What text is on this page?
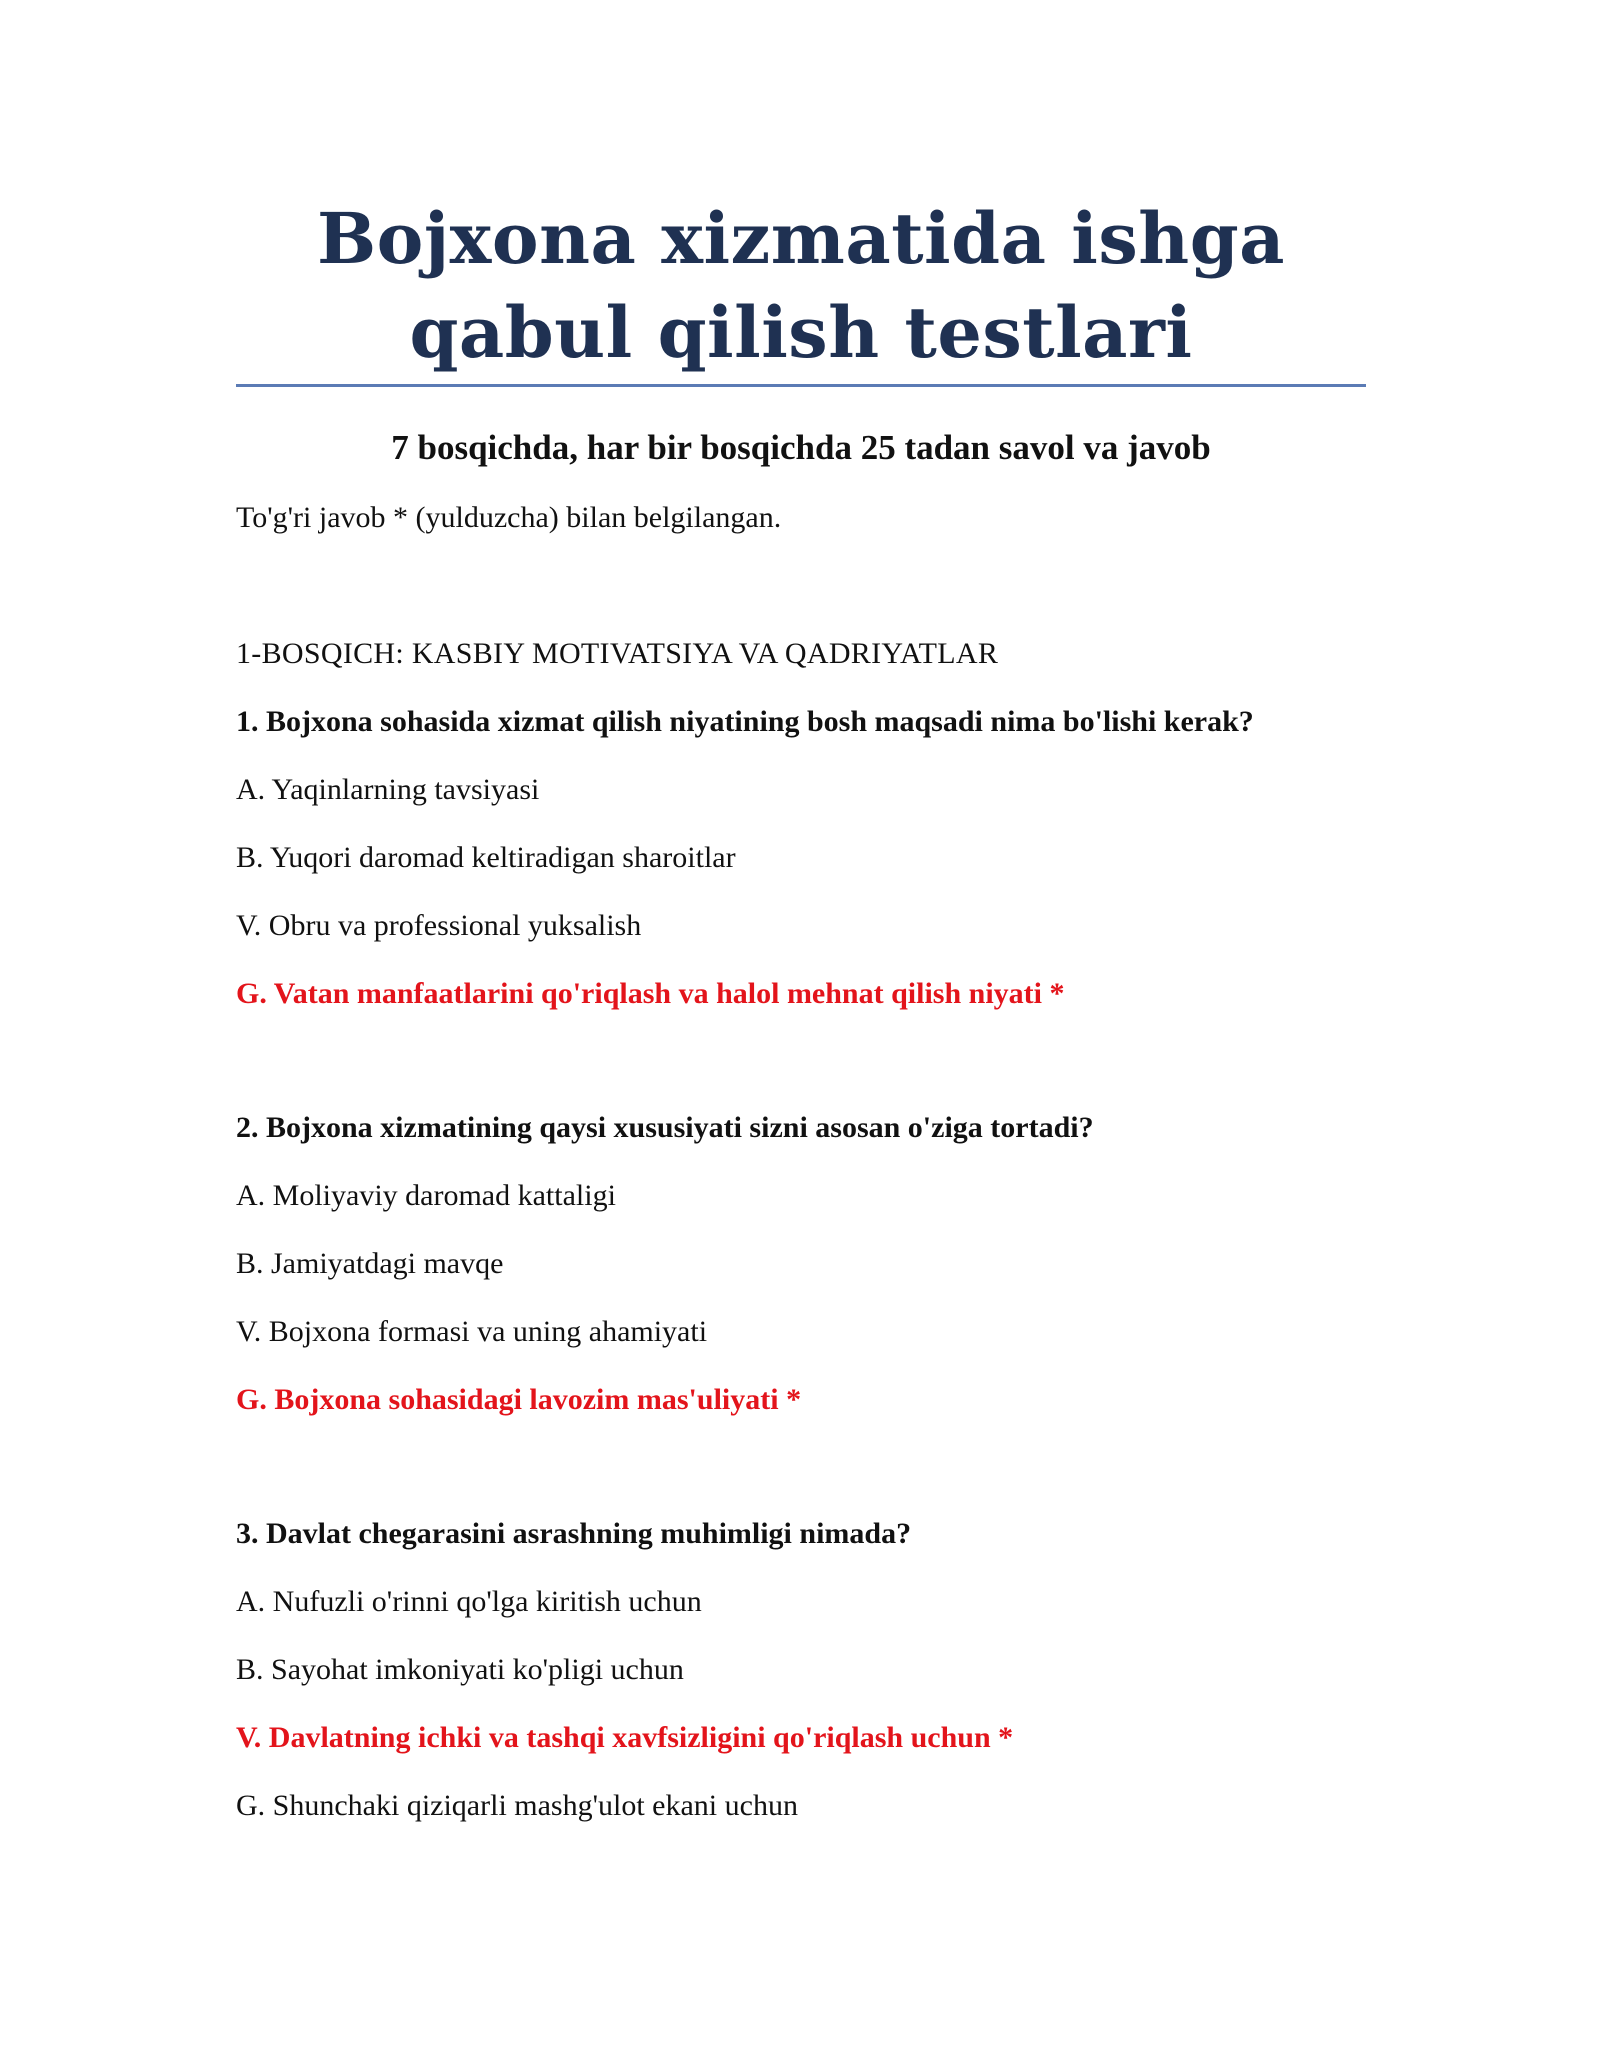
Bojxona xizmatida ishga qabul qilish testlari
7 bosqichda, har bir bosqichda 25 tadan savol va javob
To'g'ri javob * (yulduzcha) bilan belgilangan.
1-BOSQICH: KASBIY MOTIVATSIYA VA QADRIYATLAR
1. Bojxona sohasida xizmat qilish niyatining bosh maqsadi nima bo'lishi kerak?
A. Yaqinlarning tavsiyasi
B. Yuqori daromad keltiradigan sharoitlar
V. Obru va professional yuksalish
G. Vatan manfaatlarini qo'riqlash va halol mehnat qilish niyati *
2. Bojxona xizmatining qaysi xususiyati sizni asosan o'ziga tortadi?
A. Moliyaviy daromad kattaligi
B. Jamiyatdagi mavqe
V. Bojxona formasi va uning ahamiyati
G. Bojxona sohasidagi lavozim mas'uliyati *
3. Davlat chegarasini asrashning muhimligi nimada?
A. Nufuzli o'rinni qo'lga kiritish uchun
B. Sayohat imkoniyati ko'pligi uchun
V. Davlatning ichki va tashqi xavfsizligini qo'riqlash uchun *
G. Shunchaki qiziqarli mashg'ulot ekani uchun
